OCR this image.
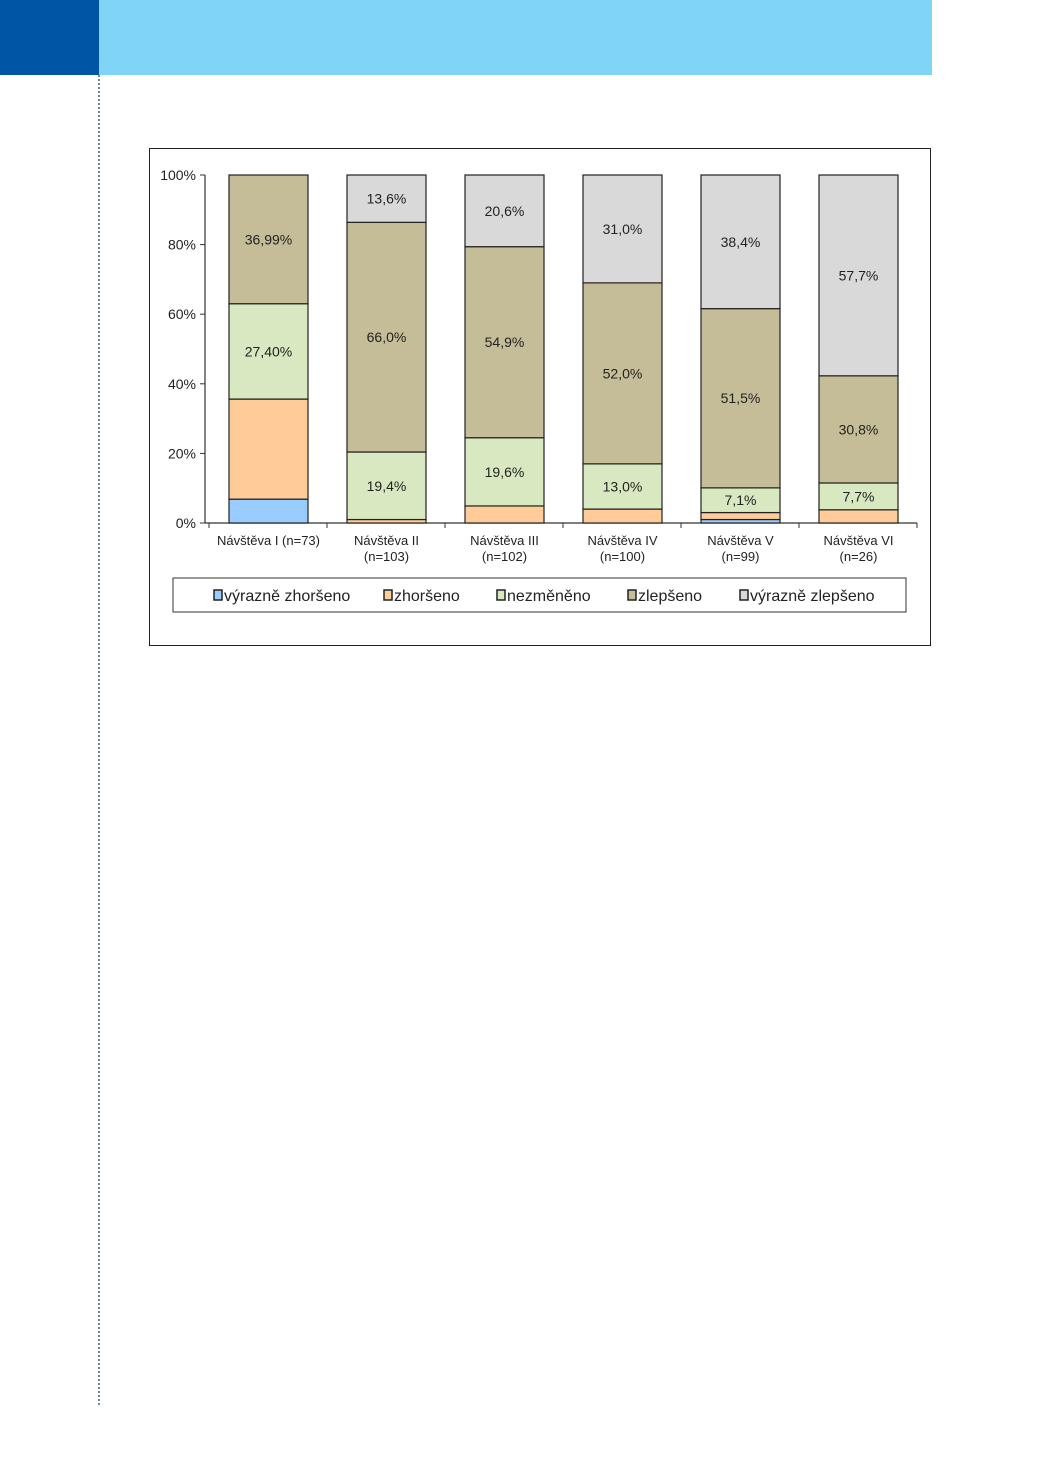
0%
20%
40%
60%
80%
100%
Návštěva I (n=73)
27,40%
36,99%
Návštěva II
(n=103)
19,4%
66,0%
13,6%
Návštěva III
(n=102)
19,6%
54,9%
20,6%
Návštěva IV
(n=100)
13,0%
52,0%
31,0%
Návštěva V
(n=99)
7,1%
51,5%
38,4%
Návštěva VI
(n=26)
7,7%
30,8%
57,7%
výrazně zhoršeno	zhoršeno	nezměněno	zlepšeno	výrazně zlepšeno
